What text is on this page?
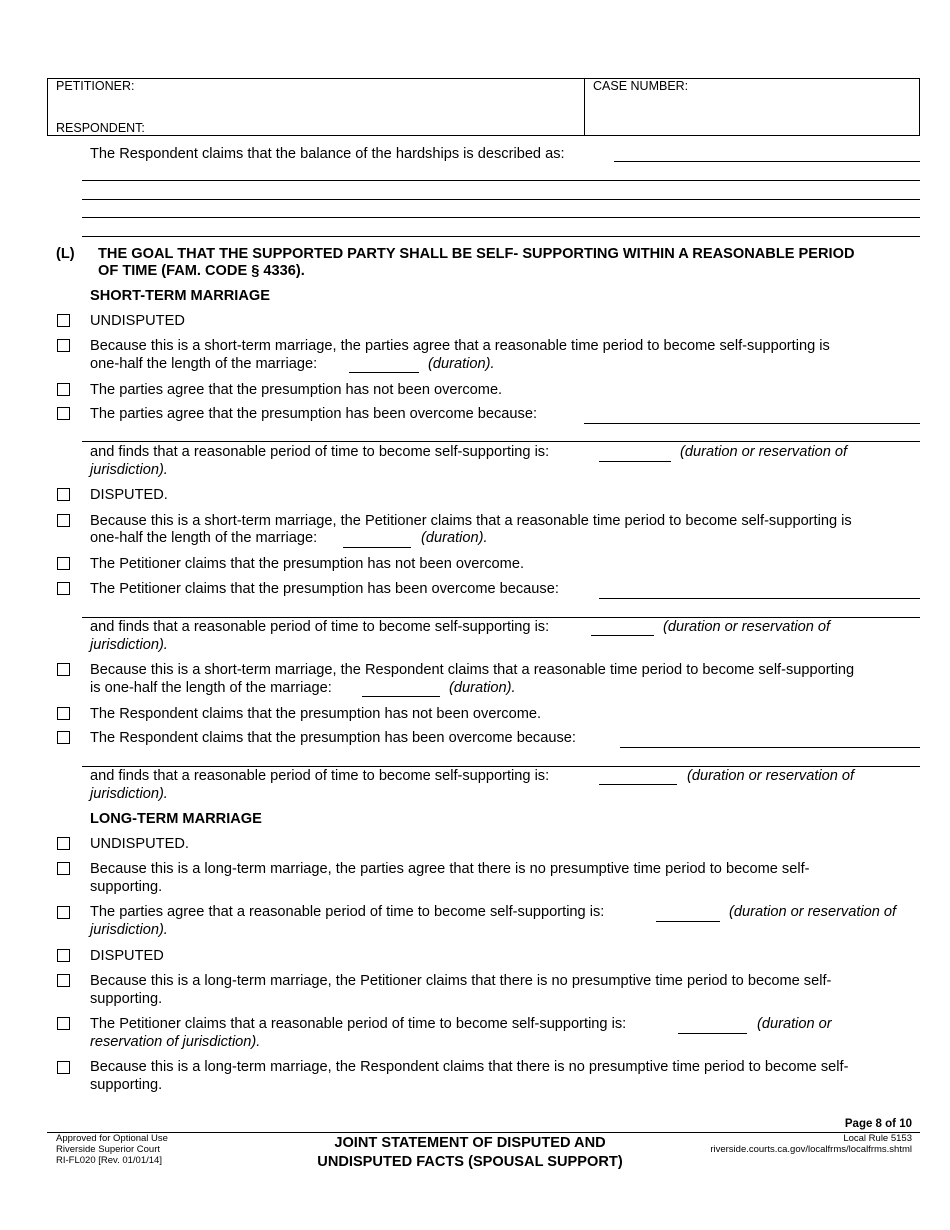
PETITIONER:
RESPONDENT:
CASE NUMBER:
The Respondent claims that the balance of the hardships is described as:
(L) THE GOAL THAT THE SUPPORTED PARTY SHALL BE SELF- SUPPORTING WITHIN A REASONABLE PERIOD
OF TIME (FAM. CODE § 4336).
SHORT-TERM MARRIAGE
UNDISPUTED
Because this is a short-term marriage, the parties agree that a reasonable time period to become self-supporting is
one-half the length of the marriage:	(duration).
The parties agree that the presumption has not been overcome.
The parties agree that the presumption has been overcome because:
and finds that a reasonable period of time to become self-supporting is:	(duration or reservation of
jurisdiction).
DISPUTED.
Because this is a short-term marriage, the Petitioner claims that a reasonable time period to become self-supporting is
one-half the length of the marriage:	(duration).
The Petitioner claims that the presumption has not been overcome.
The Petitioner claims that the presumption has been overcome because:
and finds that a reasonable period of time to become self-supporting is:	(duration or reservation of
jurisdiction).
Because this is a short-term marriage, the Respondent claims that a reasonable time period to become self-supporting
is one-half the length of the marriage:	(duration).
The Respondent claims that the presumption has not been overcome.
The Respondent claims that the presumption has been overcome because:
and finds that a reasonable period of time to become self-supporting is:	(duration or reservation of
jurisdiction).
LONG-TERM MARRIAGE
UNDISPUTED.
Because this is a long-term marriage, the parties agree that there is no presumptive time period to become self-
supporting.
The parties agree that a reasonable period of time to become self-supporting is:	(duration or reservation of
jurisdiction).
DISPUTED
Because this is a long-term marriage, the Petitioner claims that there is no presumptive time period to become self-
supporting.
The Petitioner claims that a reasonable period of time to become self-supporting is:	(duration or
reservation of jurisdiction).
Because this is a long-term marriage, the Respondent claims that there is no presumptive time period to become self-
supporting.
Approved for Optional Use
Riverside Superior Court
RI-FL020 [Rev. 01/01/14]
JOINT STATEMENT OF DISPUTED AND
UNDISPUTED FACTS (SPOUSAL SUPPORT)
Page 8 of 10
Local Rule 5153
riverside.courts.ca.gov/localfrms/localfrms.shtml
